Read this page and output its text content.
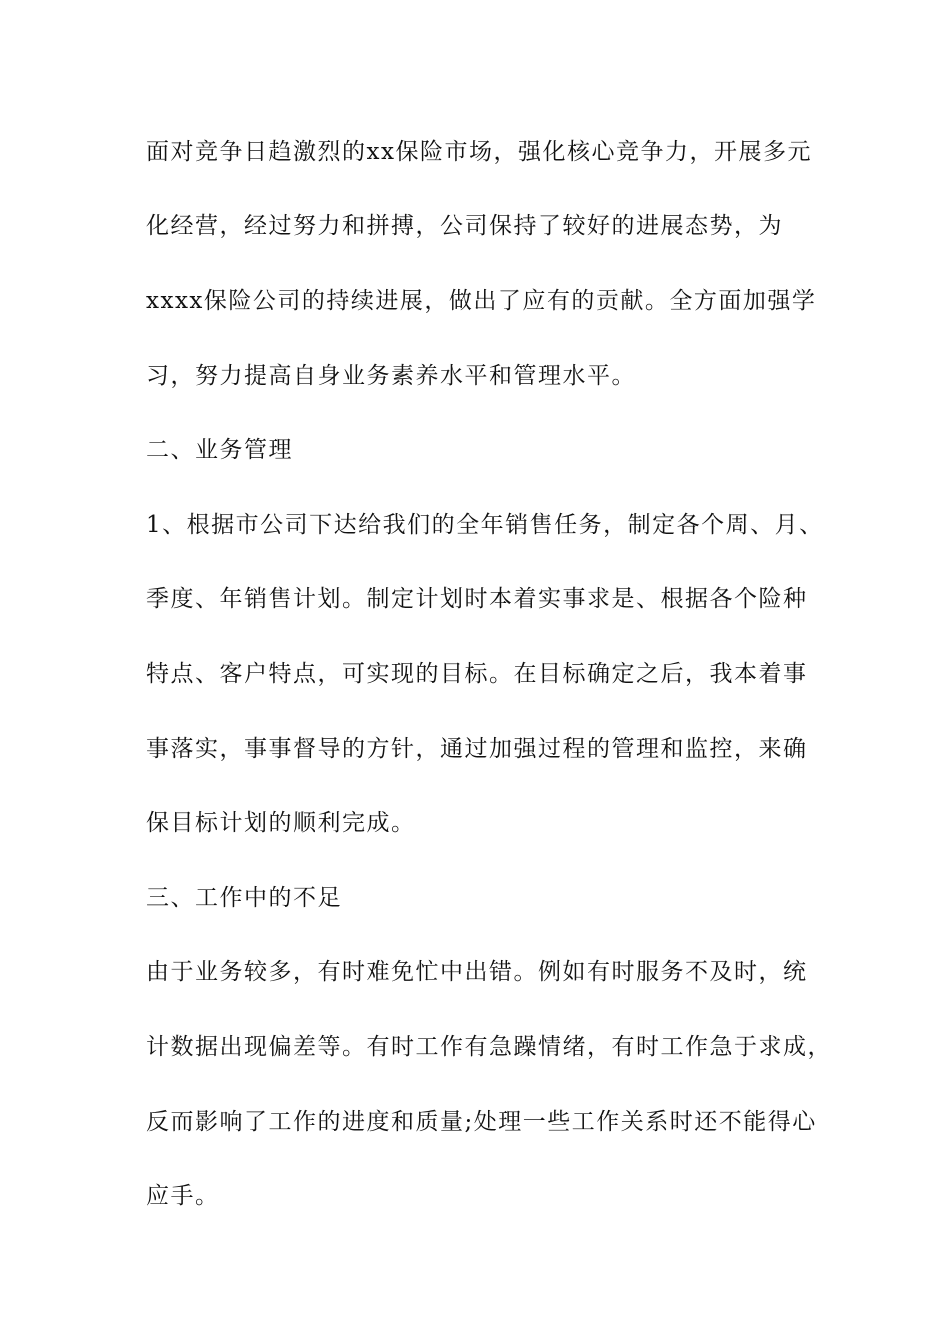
面对竞争日趋激烈的xx保险市场，强化核心竞争力，开展多元
化经营，经过努力和拼搏，公司保持了较好的进展态势，为
xxxx保险公司的持续进展，做出了应有的贡献。全方面加强学
习，努力提高自身业务素养水平和管理水平。
二、业务管理
1、根据市公司下达给我们的全年销售任务，制定各个周、月、
季度、年销售计划。制定计划时本着实事求是、根据各个险种
特点、客户特点，可实现的目标。在目标确定之后，我本着事
事落实，事事督导的方针，通过加强过程的管理和监控，来确
保目标计划的顺利完成。
三、工作中的不足
由于业务较多，有时难免忙中出错。例如有时服务不及时，统
计数据出现偏差等。有时工作有急躁情绪，有时工作急于求成，
反而影响了工作的进度和质量;处理一些工作关系时还不能得心
应手。
